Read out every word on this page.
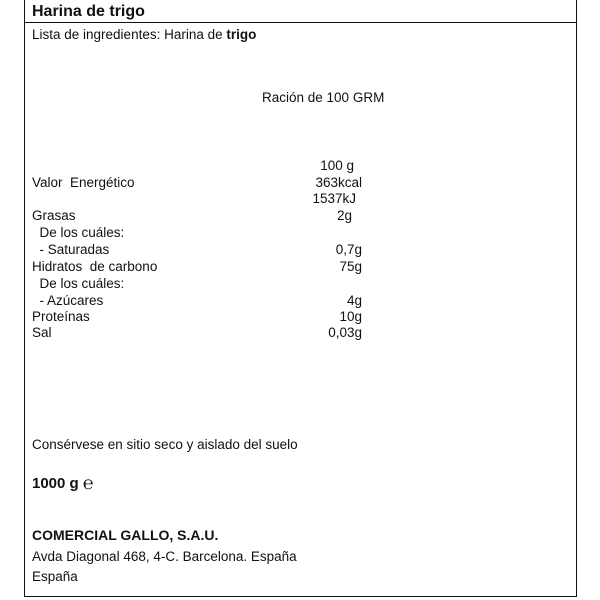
Harina de trigo
Lista de ingredientes: Harina de trigo
Ración de 100 GRM
100 g
Valor  Energético	363kcal
1537kJ
Grasas	2g
De los cuáles:
- Saturadas	0,7g
Hidratos  de carbono	75g
De los cuáles:
- Azúcares	4g
Proteínas	10g
Sal	0,03g
Consérvese en sitio seco y aislado del suelo
1000 g ℮
COMERCIAL GALLO, S.A.U.
Avda Diagonal 468, 4-C. Barcelona. España
España
